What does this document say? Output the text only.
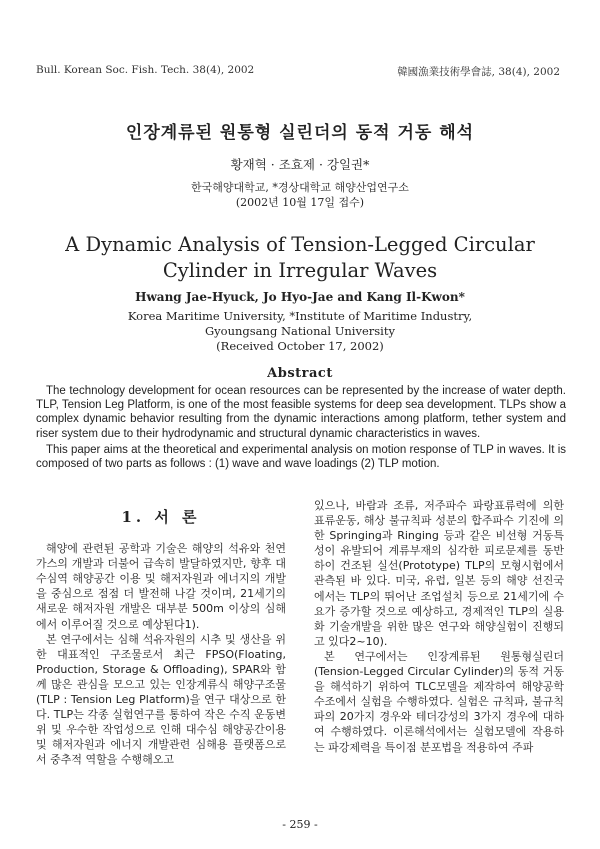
Bull. Korean Soc. Fish. Tech. 38(4), 2002	韓國漁業技術學會誌, 38(4), 2002
인장계류된 원통형 실린더의 동적 거동 해석
황재혁 · 조효제 · 강일권*
한국해양대학교, *경상대학교 해양산업연구소
(2002년 10월 17일 접수)
A Dynamic Analysis of Tension-Legged Circular
Cylinder in Irregular Waves
Hwang Jae-Hyuck, Jo Hyo-Jae and Kang Il-Kwon*
Korea Maritime University, *Institute of Maritime Industry,
Gyoungsang National University
(Received October 17, 2002)
Abstract

The technology development for ocean resources can be represented by the increase of water depth. TLP, Tension Leg Platform, is one of the most feasible systems for deep sea development. TLPs show a complex dynamic behavior resulting from the dynamic interactions among platform, tether system and riser system due to their hydrodynamic and structural dynamic characteristics in waves.

This paper aims at the theoretical and experimental analysis on motion response of TLP in waves. It is composed of two parts as follows : (1) wave and wave loadings (2) TLP motion.

1. 서 론

해양에 관련된 공학과 기술은 해양의 석유와 천연가스의 개발과 더불어 급속히 발달하였지만, 향후 대수심역 해양공간 이용 및 해저자원과 에너지의 개발을 중심으로 점점 더 발전해 나갈 것이며, 21세기의 새로운 해저자원 개발은 대부분 500m 이상의 심해에서 이루어질 것으로 예상된다1).

본 연구에서는 심해 석유자원의 시추 및 생산을 위한 대표적인 구조물로서 최근 FPSO(Floating, Production, Storage & Offloading), SPAR와 함께 많은 관심을 모으고 있는 인장계류식 해양구조물(TLP : Tension Leg Platform)을 연구 대상으로 한다. TLP는 각종 실험연구를 통하여 작은 수직 운동변위 및 우수한 작업성으로 인해 대수심 해양공간이용 및 해저자원과 에너지 개발관련 심해용 플랫폼으로서 중추적 역할을 수행해오고

있으나, 바람과 조류, 저주파수 파랑표류력에 의한 표류운동, 해상 불규칙파 성분의 합주파수 기진에 의한 Springing과 Ringing 등과 같은 비선형 거동특성이 유발되어 계류부재의 심각한 피로문제를 동반하이 건조된 실선(Prototype) TLP의 모형시험에서 관측된 바 있다. 미국, 유럽, 일본 등의 해양 선진국에서는 TLP의 뛰어난 조업설치 등으로 21세기에 수요가 증가할 것으로 예상하고, 경제적인 TLP의 실용화 기술개발을 위한 많은 연구와 해양실험이 진행되고 있다2~10).

본 연구에서는 인장계류된 원통형실린더(Tension-Legged Circular Cylinder)의 동적 거동을 해석하기 위하여 TLC모델을 제작하여 해양공학수조에서 실험을 수행하였다. 실험은 규칙파, 불규칙파의 20가지 경우와 테더강성의 3가지 경우에 대하여 수행하였다. 이론해석에서는 실험모델에 작용하는 파강제력을 특이점 분포법을 적용하여 주파

- 259 -
